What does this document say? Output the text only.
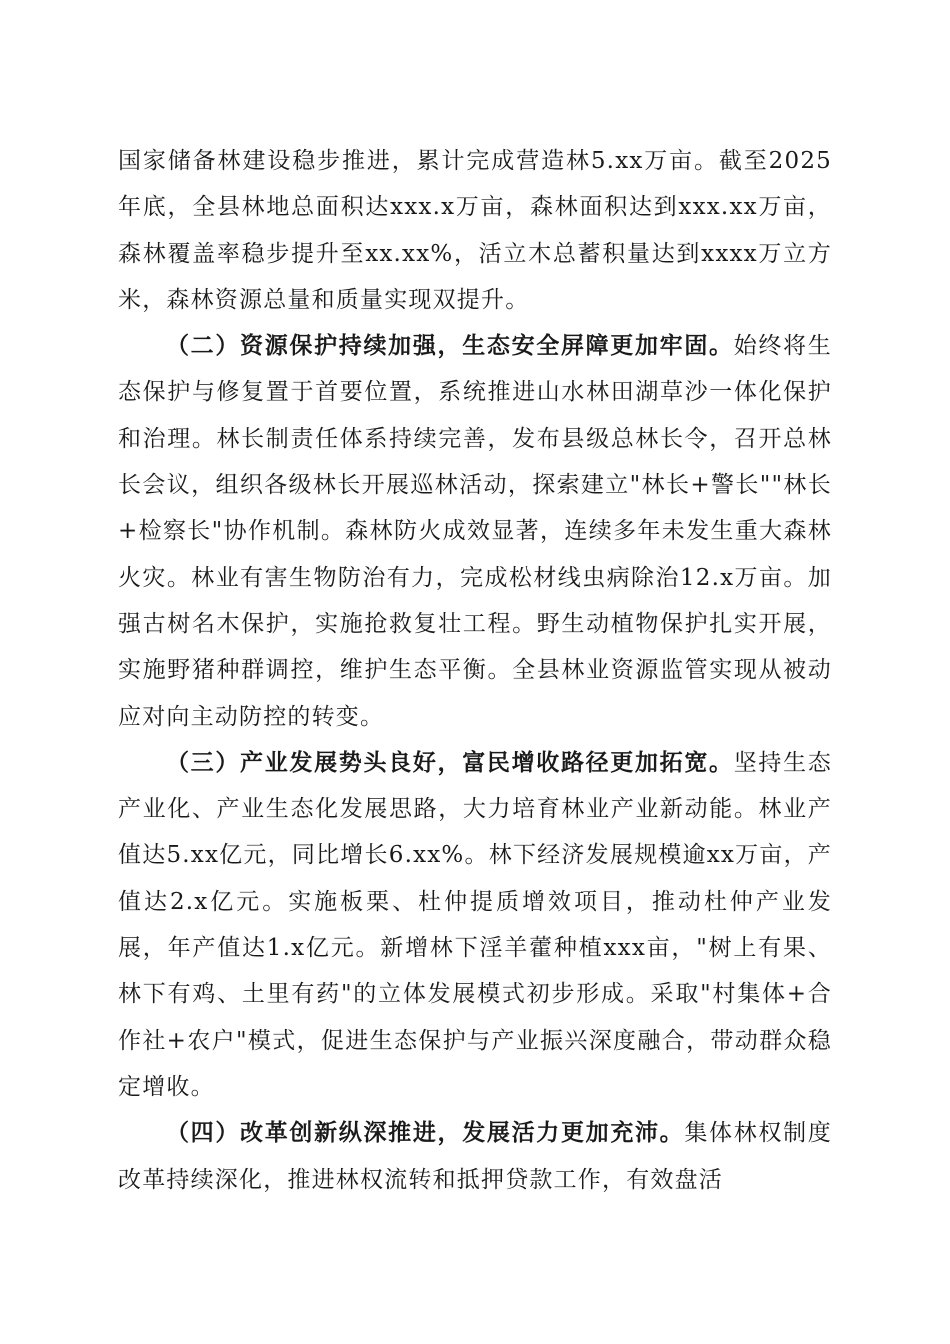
国家储备林建设稳步推进，累计完成营造林5.xx万亩。截至2025年底，全县林地总面积达xxx.x万亩，森林面积达到xxx.xx万亩，森林覆盖率稳步提升至xx.xx%，活立木总蓄积量达到xxxx万立方米，森林资源总量和质量实现双提升。

（二）资源保护持续加强，生态安全屏障更加牢固。始终将生态保护与修复置于首要位置，系统推进山水林田湖草沙一体化保护和治理。林长制责任体系持续完善，发布县级总林长令，召开总林长会议，组织各级林长开展巡林活动，探索建立"林长+警长""林长+检察长"协作机制。森林防火成效显著，连续多年未发生重大森林火灾。林业有害生物防治有力，完成松材线虫病除治12.x万亩。加强古树名木保护，实施抢救复壮工程。野生动植物保护扎实开展，实施野猪种群调控，维护生态平衡。全县林业资源监管实现从被动应对向主动防控的转变。

（三）产业发展势头良好，富民增收路径更加拓宽。坚持生态产业化、产业生态化发展思路，大力培育林业产业新动能。林业产值达5.xx亿元，同比增长6.xx%。林下经济发展规模逾xx万亩，产值达2.x亿元。实施板栗、杜仲提质增效项目，推动杜仲产业发展，年产值达1.x亿元。新增林下淫羊藿种植xxx亩，"树上有果、林下有鸡、土里有药"的立体发展模式初步形成。采取"村集体+合作社+农户"模式，促进生态保护与产业振兴深度融合，带动群众稳定增收。

（四）改革创新纵深推进，发展活力更加充沛。集体林权制度改革持续深化，推进林权流转和抵押贷款工作，有效盘活
